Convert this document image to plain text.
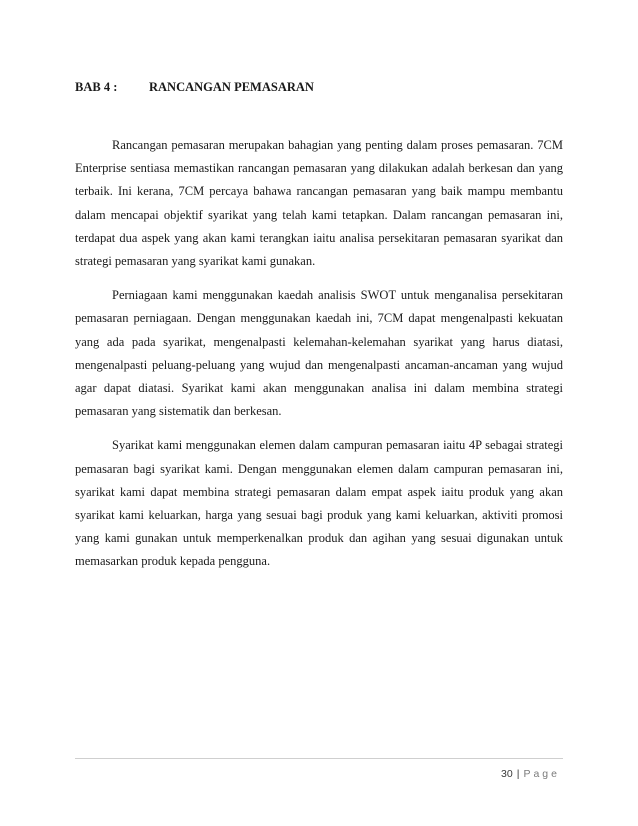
BAB 4 :	RANCANGAN PEMASARAN

Rancangan pemasaran merupakan bahagian yang penting dalam proses pemasaran. 7CM Enterprise sentiasa memastikan rancangan pemasaran yang dilakukan adalah berkesan dan yang terbaik. Ini kerana, 7CM percaya bahawa rancangan pemasaran yang baik mampu membantu dalam mencapai objektif syarikat yang telah kami tetapkan. Dalam rancangan pemasaran ini, terdapat dua aspek yang akan kami terangkan iaitu analisa persekitaran pemasaran syarikat dan strategi pemasaran yang syarikat kami gunakan.

Perniagaan kami menggunakan kaedah analisis SWOT untuk menganalisa persekitaran pemasaran perniagaan. Dengan menggunakan kaedah ini, 7CM dapat mengenalpasti kekuatan yang ada pada syarikat, mengenalpasti kelemahan-kelemahan syarikat yang harus diatasi, mengenalpasti peluang-peluang yang wujud dan mengenalpasti ancaman-ancaman yang wujud agar dapat diatasi. Syarikat kami akan menggunakan analisa ini dalam membina strategi pemasaran yang sistematik dan berkesan.

Syarikat kami menggunakan elemen dalam campuran pemasaran iaitu 4P sebagai strategi pemasaran bagi syarikat kami. Dengan menggunakan elemen dalam campuran pemasaran ini, syarikat kami dapat membina strategi pemasaran dalam empat aspek iaitu produk yang akan syarikat kami keluarkan, harga yang sesuai bagi produk yang kami keluarkan, aktiviti promosi yang kami gunakan untuk memperkenalkan produk dan agihan yang sesuai digunakan untuk memasarkan produk kepada pengguna.

30 | Page
